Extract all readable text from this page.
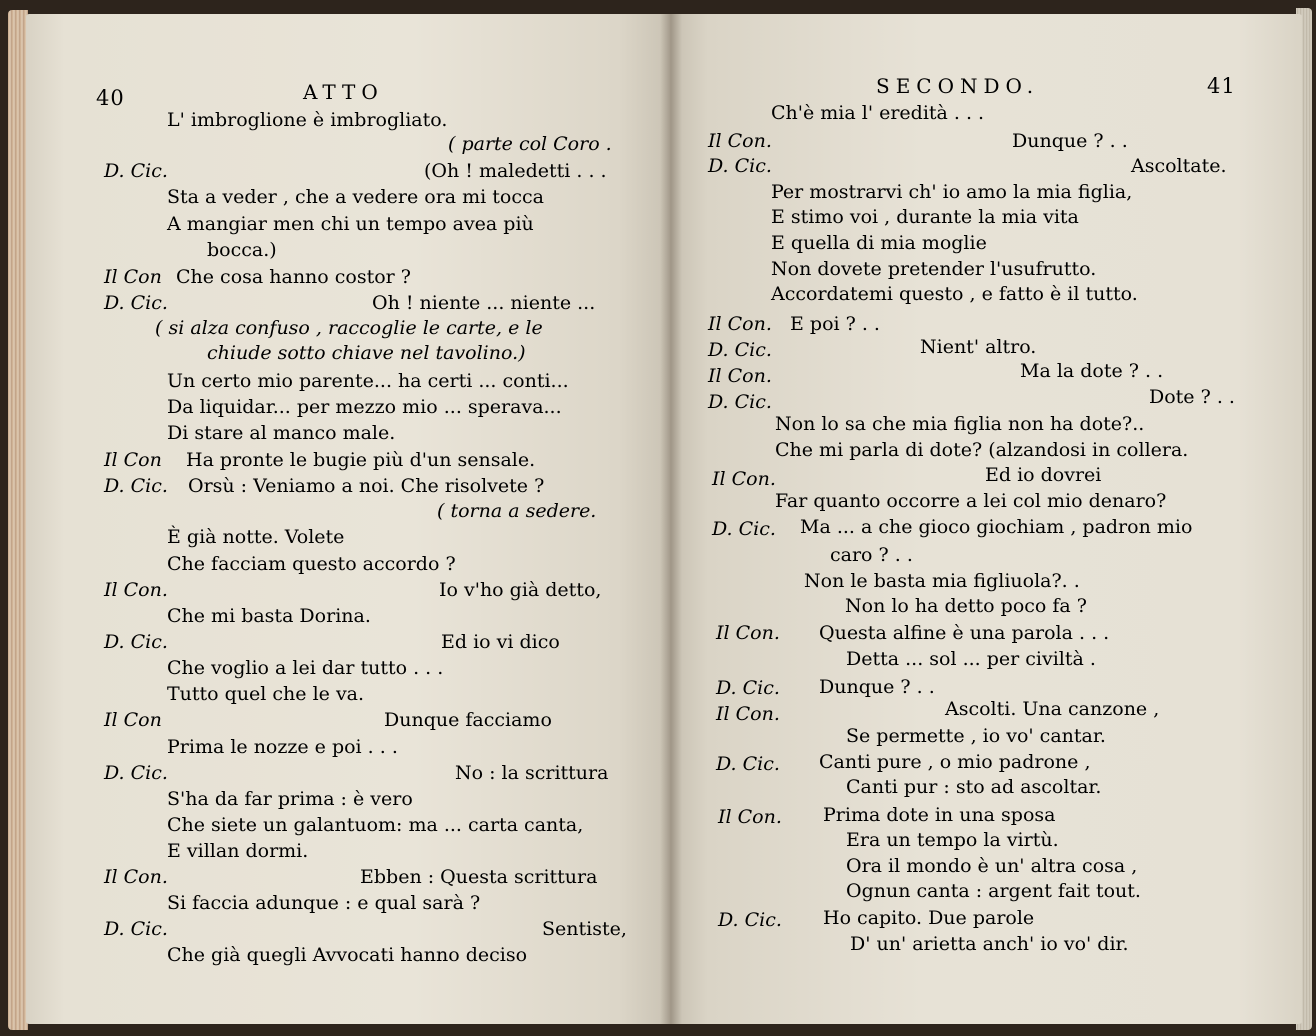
40	ATTO
L' imbroglione è imbrogliato.
( parte col Coro .
D. Cic.	(Oh ! maledetti . . .
Sta a veder , che a vedere ora mi tocca
A mangiar men chi un tempo avea più
bocca.)
Il Con Che cosa hanno costor ?
D. Cic.	Oh ! niente ... niente ...
( si alza confuso , raccoglie le carte, e le
chiude sotto chiave nel tavolino.)
Un certo mio parente... ha certi ... conti...
Da liquidar... per mezzo mio ... sperava...
Di stare al manco male.
Il Con Ha pronte le bugie più d'un sensale.
D. Cic. Orsù : Veniamo a noi. Che risolvete ?
( torna a sedere.
È già notte. Volete
Che facciam questo accordo ?
Il Con.	Io v'ho già detto,
Che mi basta Dorina.
D. Cic.	Ed io vi dico
Che voglio a lei dar tutto . . .
Tutto quel che le va.
Il Con	Dunque facciamo
Prima le nozze e poi . . .
D. Cic.	No : la scrittura
S'ha da far prima : è vero
Che siete un galantuom: ma ... carta canta,
E villan dormi.
Il Con.	Ebben : Questa scrittura
Si faccia adunque : e qual sarà ?
D. Cic.	Sentiste,
Che già quegli Avvocati hanno deciso
SECONDO.	41
Ch'è mia l' eredità . . .
Il Con.	Dunque ? . .
D. Cic.	Ascoltate.
Per mostrarvi ch' io amo la mia figlia,
E stimo voi , durante la mia vita
E quella di mia moglie
Non dovete pretender l'usufrutto.
Accordatemi questo , e fatto è il tutto.
Il Con. E poi ? . .
D. Cic.	Nient' altro.
Il Con.	Ma la dote ? . .
D. Cic.	Dote ? . .
Non lo sa che mia figlia non ha dote?..
Che mi parla di dote? (alzandosi in collera.
Il Con.	Ed io dovrei
Far quanto occorre a lei col mio denaro?
D. Cic. Ma ... a che gioco giochiam , padron mio
caro ? . .
Non le basta mia figliuola?. .
Non lo ha detto poco fa ?
Il Con. Questa alfine è una parola . . .
Detta ... sol ... per civiltà .
D. Cic. Dunque ? . .
Il Con.	Ascolti. Una canzone ,
Se permette , io vo' cantar.
D. Cic. Canti pure , o mio padrone ,
Canti pur : sto ad ascoltar.
Il Con. Prima dote in una sposa
Era un tempo la virtù.
Ora il mondo è un' altra cosa ,
Ognun canta : argent fait tout.
D. Cic. Ho capito. Due parole
D' un' arietta anch' io vo' dir.
